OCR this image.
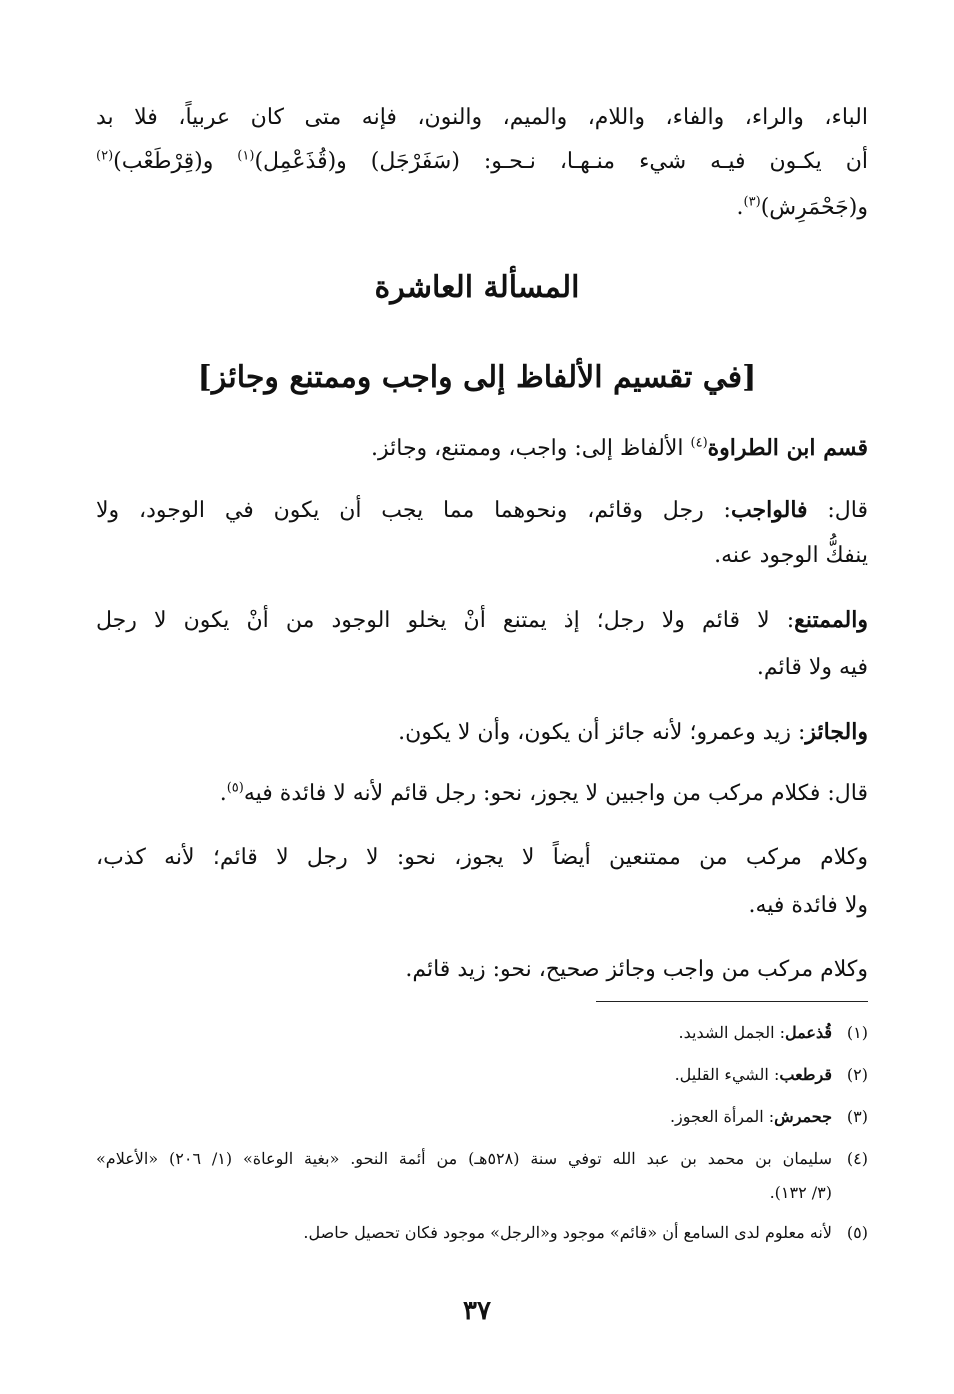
الباء، والراء، والفاء، واللام، والميم، والنون، فإنه متى كان عربياً، فلا بد
أن يكـون فيـه شيء منـهـا، نـحـو: (سَفَرْجَل) و(قُذَعْمِل)$^{(١)}$ و(قِرْطَعْب)$^{(٢)}$
و(جَحْمَرِش)$^{(٣)}$.
المسألة العاشرة
[في تقسيم الألفاظ إلى واجب وممتنع وجائز]
قسم ابن الطراوة$^{(٤)}$ الألفاظ إلى: واجب، وممتنع، وجائز.
قال: فالواجب: رجل وقائم، ونحوهما مما يجب أن يكون في الوجود، ولا
ينفكُّ الوجود عنه.
والممتنع: لا قائم ولا رجل؛ إذ يمتنع أنْ يخلو الوجود من أنْ يكون لا رجل
فيه ولا قائم.
والجائز: زيد وعمرو؛ لأنه جائز أن يكون، وأن لا يكون.
قال: فكلام مركب من واجبين لا يجوز، نحو: رجل قائم لأنه لا فائدة فيه$^{(٥)}$.
وكلام مركب من ممتنعين أيضاً لا يجوز، نحو: لا رجل لا قائم؛ لأنه كذب،
ولا فائدة فيه.
وكلام مركب من واجب وجائز صحيح، نحو: زيد قائم.
(١)قُذعمل: الجمل الشديد.
(٢)قرطعب: الشيء القليل.
(٣)جحمرش: المرأة العجوز.
(٤)سليمان بن محمد بن عبد الله توفي سنة (٥٢٨هـ) من أئمة النحو. «بغية الوعاة» (١/ ٢٠٦) «الأعلام»
(٣/ ١٣٢).
(٥)لأنه معلوم لدى السامع أن «قائم» موجود و«الرجل» موجود فكان تحصيل حاصل.
٣٧
